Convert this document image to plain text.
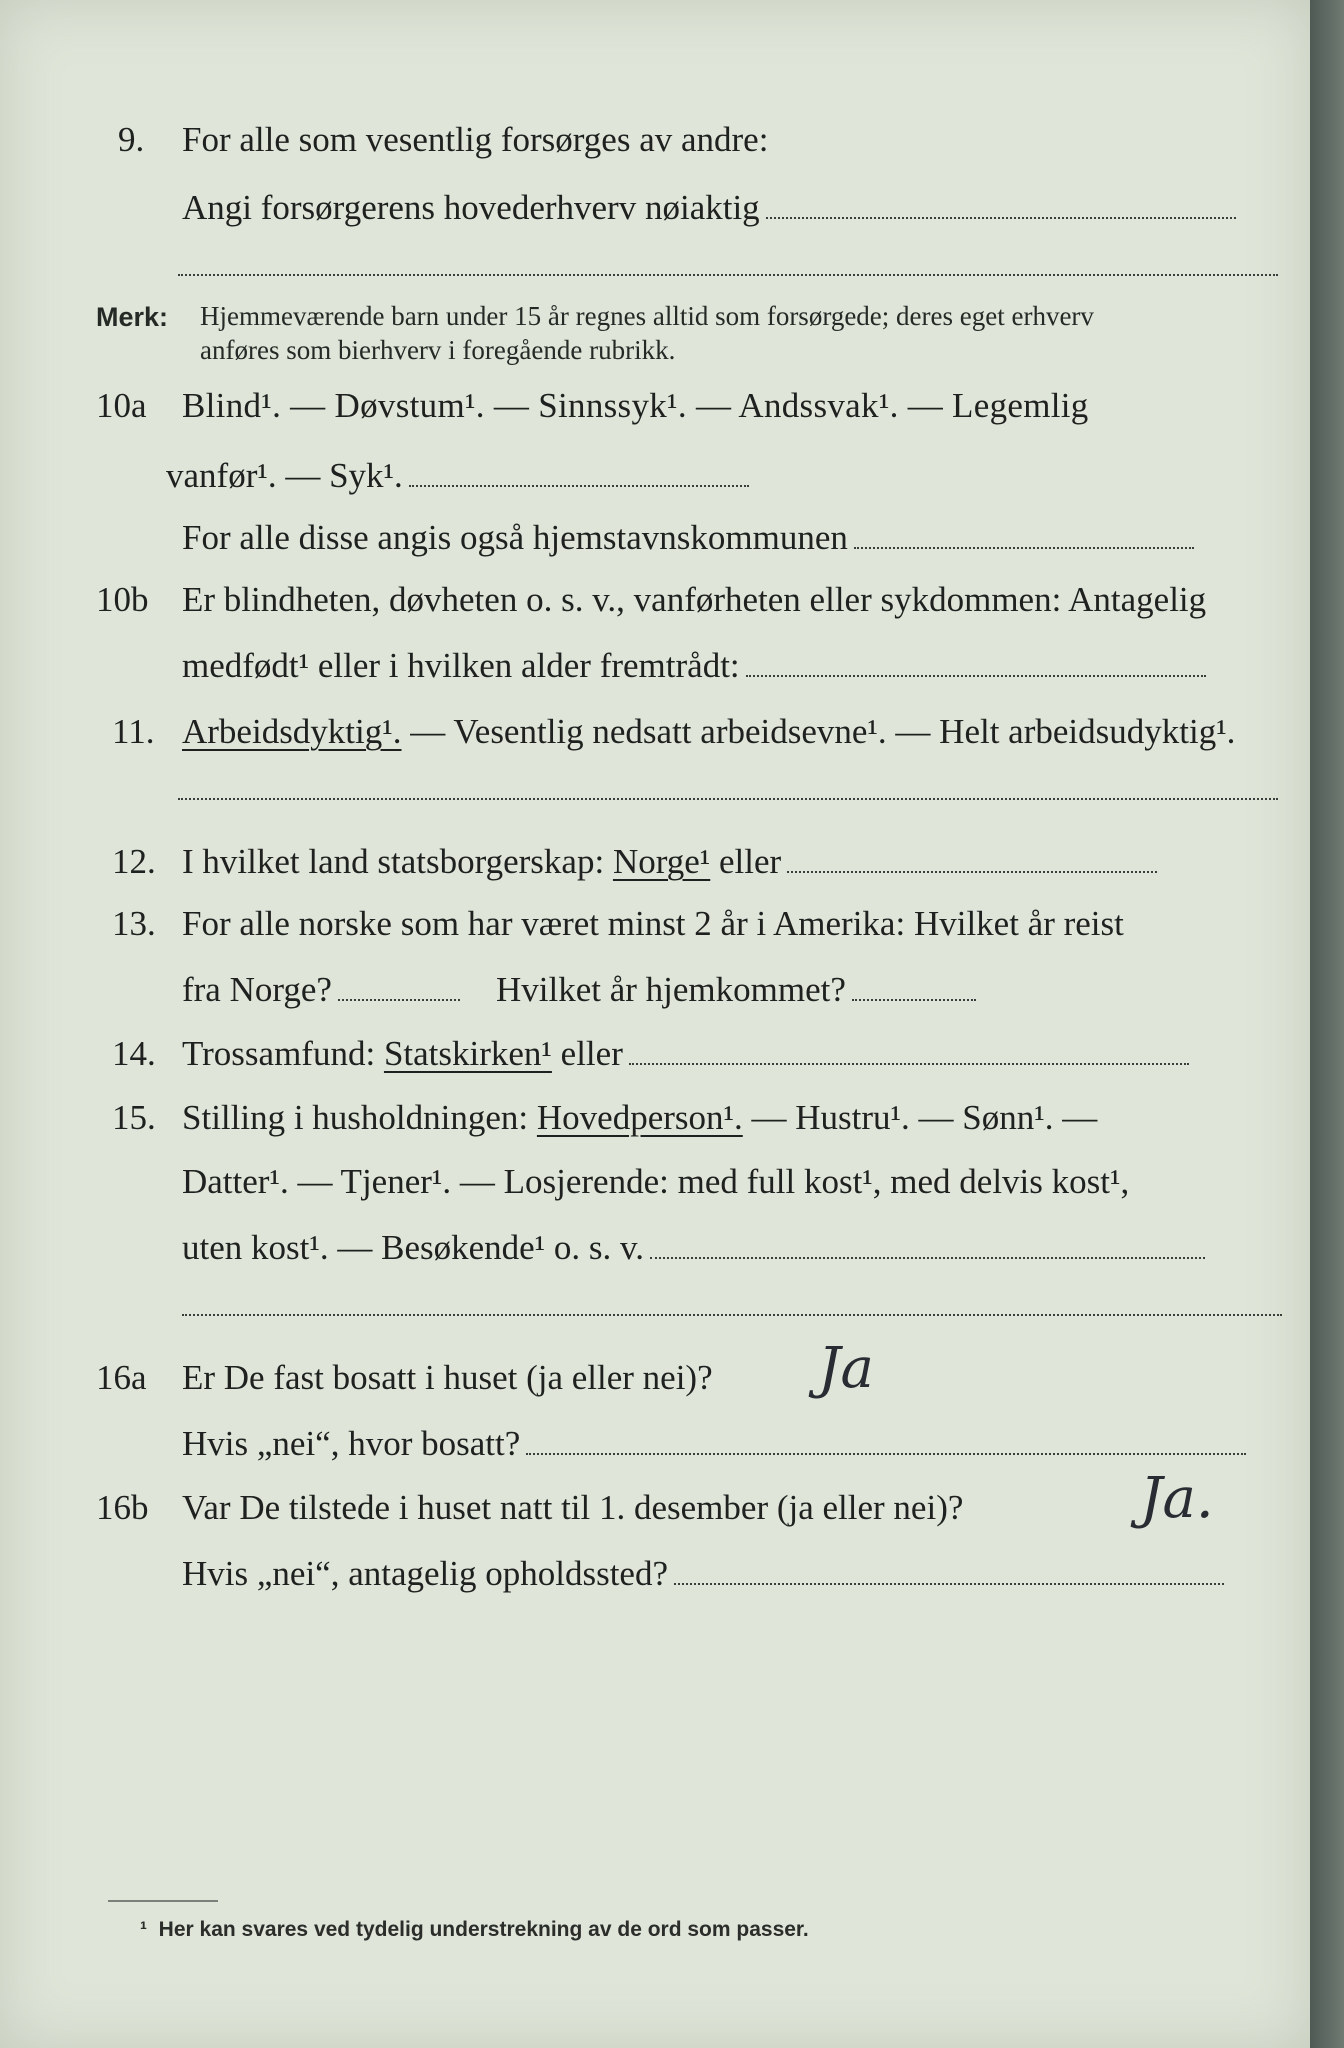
9. For alle som vesentlig forsørges av andre:
Angi forsørgerens hovederhverv nøiaktig
Merk: Hjemmeværende barn under 15 år regnes alltid som forsørgede; deres eget erhverv
anføres som bierhverv i foregående rubrikk.
10a Blind¹. — Døvstum¹. — Sinnssyk¹. — Andssvak¹. — Legemlig
vanfør¹. — Syk¹.
For alle disse angis også hjemstavnskommunen
10b Er blindheten, døvheten o. s. v., vanførheten eller sykdommen: Antagelig
medfødt¹ eller i hvilken alder fremtrådt:
11. Arbeidsdyktig¹. — Vesentlig nedsatt arbeidsevne¹. — Helt arbeidsudyktig¹.
12. I hvilket land statsborgerskap: Norge¹ eller
13. For alle norske som har været minst 2 år i Amerika: Hvilket år reist
fra Norge?	Hvilket år hjemkommet?
14. Trossamfund: Statskirken¹ eller
15. Stilling i husholdningen: Hovedperson¹. — Hustru¹. — Sønn¹. —
Datter¹. — Tjener¹. — Losjerende: med full kost¹, med delvis kost¹,
uten kost¹. — Besøkende¹ o. s. v.
16a Er De fast bosatt i huset (ja eller nei)? Ja
Hvis „nei“, hvor bosatt?
16b Var De tilstede i huset natt til 1. desember (ja eller nei)?	Ja.
Hvis „nei“, antagelig opholdssted?
¹ Her kan svares ved tydelig understrekning av de ord som passer.
